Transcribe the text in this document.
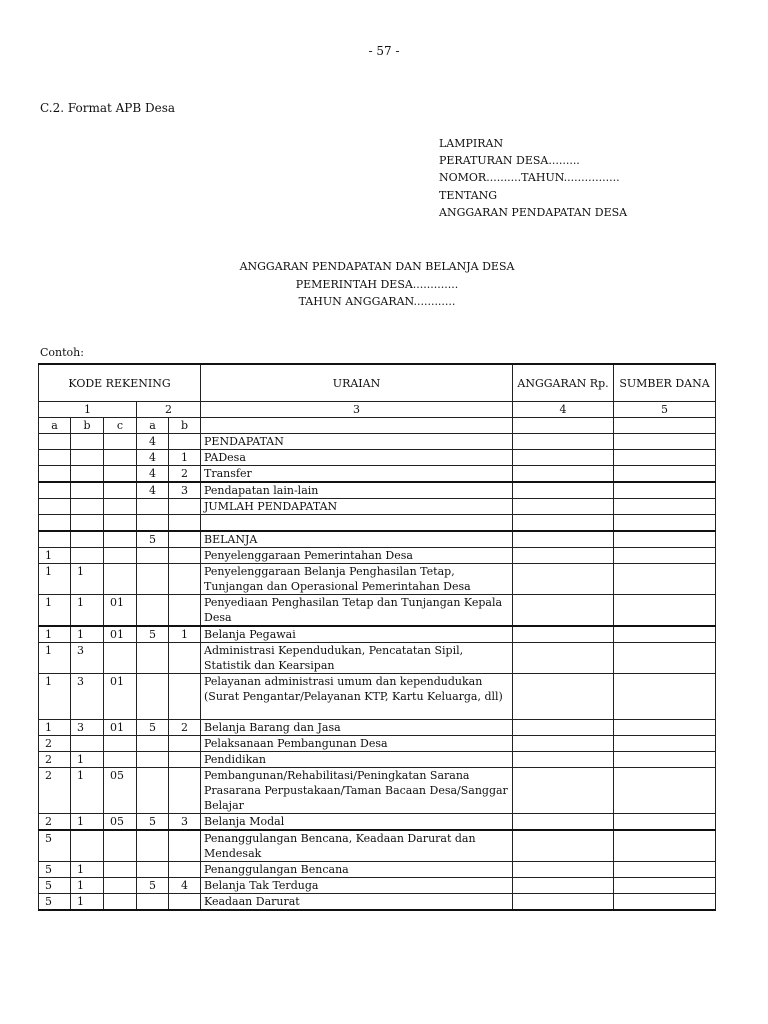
- 57 -
C.2. Format APB Desa
LAMPIRAN
PERATURAN DESA.........
NOMOR..........TAHUN................
TENTANG
ANGGARAN PENDAPATAN DESA
ANGGARAN PENDAPATAN DAN BELANJA DESA
PEMERINTAH DESA.............
TAHUN ANGGARAN............
Contoh:
KODE REKENING					URAIAN	ANGGARAN Rp.	SUMBER DANA
1			2		3	4	5
a	b	c	a	b			
			4		PENDAPATAN		
			4	1	PADesa		
			4	2	Transfer		
			4	3	Pendapatan lain-lain		
					JUMLAH PENDAPATAN		

			5		BELANJA		
1					Penyelenggaraan Pemerintahan Desa		
1	1				Penyelenggaraan Belanja Penghasilan Tetap, Tunjangan dan Operasional Pemerintahan Desa		
1	1	01			Penyediaan Penghasilan Tetap dan Tunjangan Kepala Desa		
1	1	01	5	1	Belanja Pegawai		
1	3				Administrasi Kependudukan, Pencatatan Sipil, Statistik dan Kearsipan		
1	3	01			Pelayanan administrasi umum dan kependudukan (Surat Pengantar/Pelayanan KTP, Kartu Keluarga, dll)		
1	3	01	5	2	Belanja Barang dan Jasa		
2					Pelaksanaan Pembangunan Desa		
2	1				Pendidikan		
2	1	05			Pembangunan/Rehabilitasi/Peningkatan Sarana Prasarana Perpustakaan/Taman Bacaan Desa/Sanggar Belajar		
2	1	05	5	3	Belanja Modal		
5					Penanggulangan Bencana, Keadaan Darurat dan Mendesak		
5	1				Penanggulangan Bencana		
5	1		5	4	Belanja Tak Terduga		
5	1				Keadaan Darurat		
